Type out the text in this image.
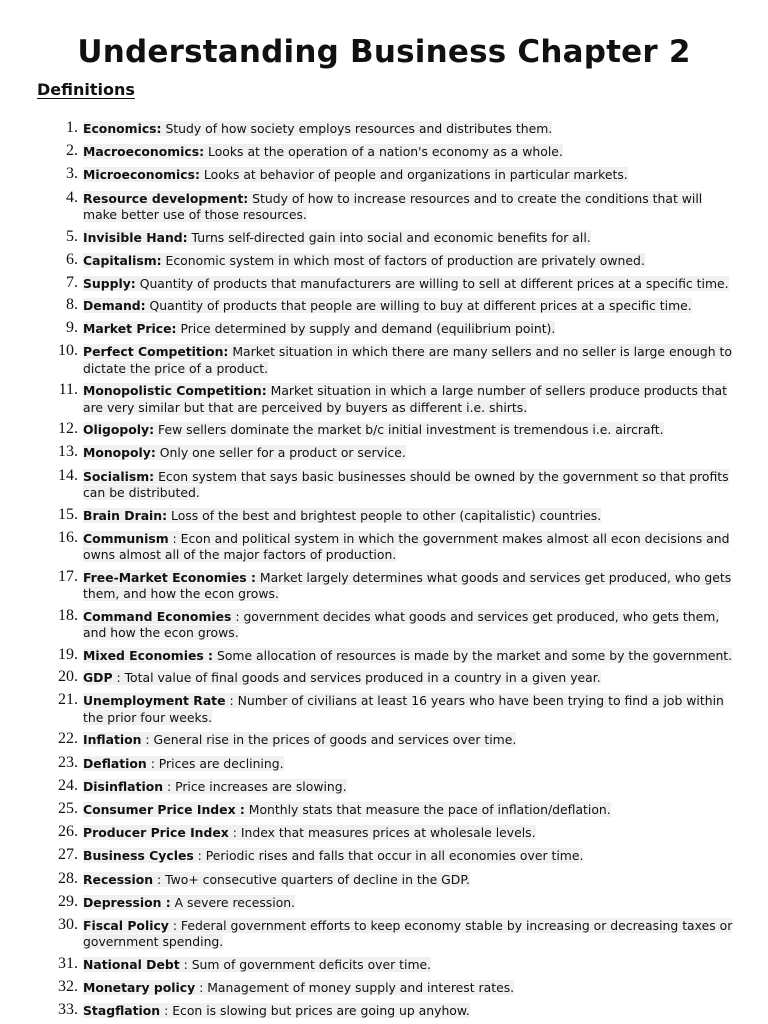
Understanding Business Chapter 2
Definitions
1. Economics: Study of how society employs resources and distributes them.
2. Macroeconomics: Looks at the operation of a nation's economy as a whole.
3. Microeconomics: Looks at behavior of people and organizations in particular markets.
4. Resource development: Study of how to increase resources and to create the conditions that will make better use of those resources.
5. Invisible Hand: Turns self-directed gain into social and economic benefits for all.
6. Capitalism: Economic system in which most of factors of production are privately owned.
7. Supply: Quantity of products that manufacturers are willing to sell at different prices at a specific time.
8. Demand: Quantity of products that people are willing to buy at different prices at a specific time.
9. Market Price: Price determined by supply and demand (equilibrium point).
10. Perfect Competition: Market situation in which there are many sellers and no seller is large enough to dictate the price of a product.
11. Monopolistic Competition: Market situation in which a large number of sellers produce products that are very similar but that are perceived by buyers as different i.e. shirts.
12. Oligopoly: Few sellers dominate the market b/c initial investment is tremendous i.e. aircraft.
13. Monopoly: Only one seller for a product or service.
14. Socialism: Econ system that says basic businesses should be owned by the government so that profits can be distributed.
15. Brain Drain: Loss of the best and brightest people to other (capitalistic) countries.
16. Communism : Econ and political system in which the government makes almost all econ decisions and owns almost all of the major factors of production.
17. Free-Market Economies : Market largely determines what goods and services get produced, who gets them, and how the econ grows.
18. Command Economies : government decides what goods and services get produced, who gets them, and how the econ grows.
19. Mixed Economies : Some allocation of resources is made by the market and some by the government.
20. GDP : Total value of final goods and services produced in a country in a given year.
21. Unemployment Rate : Number of civilians at least 16 years who have been trying to find a job within the prior four weeks.
22. Inflation : General rise in the prices of goods and services over time.
23. Deflation : Prices are declining.
24. Disinflation : Price increases are slowing.
25. Consumer Price Index : Monthly stats that measure the pace of inflation/deflation.
26. Producer Price Index : Index that measures prices at wholesale levels.
27. Business Cycles : Periodic rises and falls that occur in all economies over time.
28. Recession : Two+ consecutive quarters of decline in the GDP.
29. Depression : A severe recession.
30. Fiscal Policy : Federal government efforts to keep economy stable by increasing or decreasing taxes or government spending.
31. National Debt : Sum of government deficits over time.
32. Monetary policy : Management of money supply and interest rates.
33. Stagflation : Econ is slowing but prices are going up anyhow.
